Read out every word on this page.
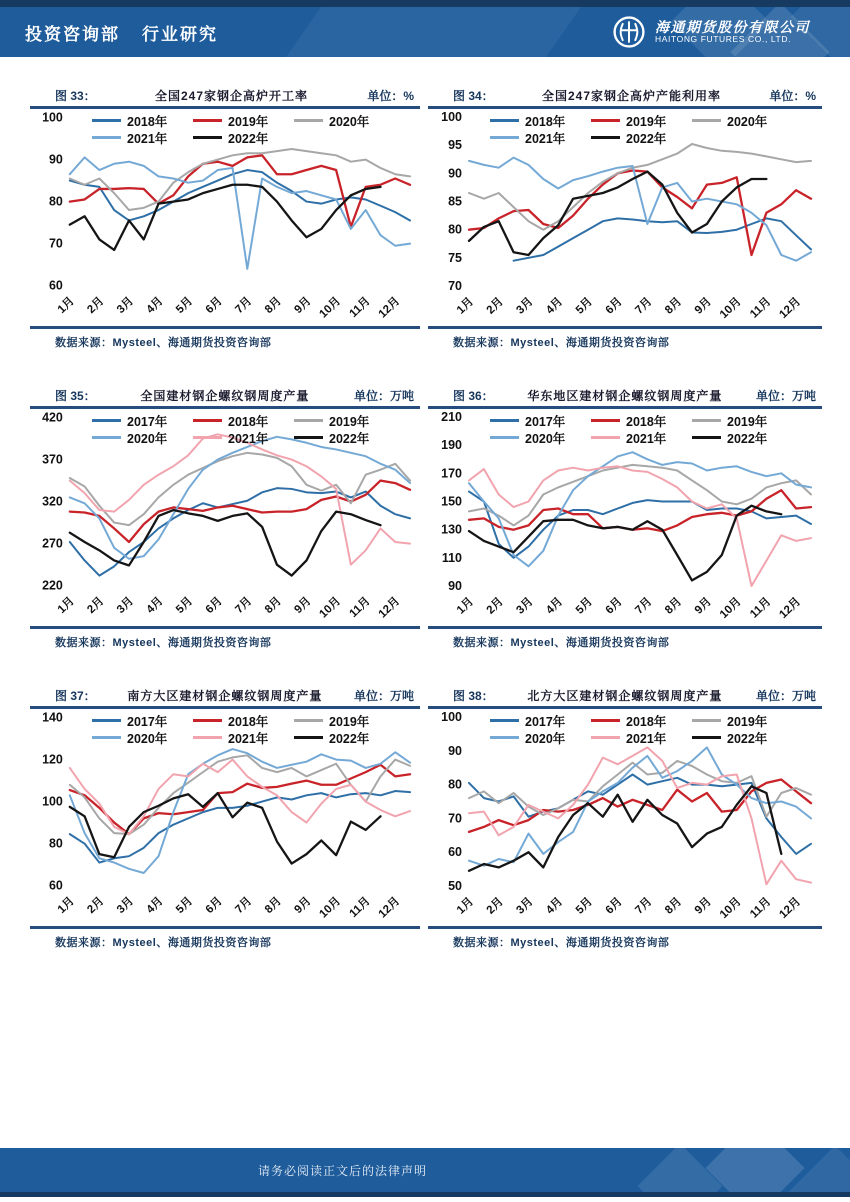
投资咨询部 行业研究	海通期货股份有限公司
HAITONG FUTURES CO., LTD.
图 33：	全国247家钢企高炉开工率	单位：%
2018年	2019年	2020年
2021年	2022年
60
70
80
90
100
1月 2月 3月 4月 5月 6月 7月 8月 9月 10月 11月 12月
数据来源：Mysteel、海通期货投资咨询部
图 34：	全国247家钢企高炉产能利用率	单位：%
2018年	2019年	2020年
2021年	2022年
70
75
80
85
90
95
100
1月 2月 3月 4月 5月 6月 7月 8月 9月 10月 11月 12月
数据来源：Mysteel、海通期货投资咨询部
图 35：	全国建材钢企螺纹钢周度产量	单位：万吨
2017年	2018年	2019年
2020年	2021年	2022年
220
270
320
370
420
1月 2月 3月 4月 5月 6月 7月 8月 9月 10月 11月 12月
数据来源：Mysteel、海通期货投资咨询部
图 36：	华东地区建材钢企螺纹钢周度产量	单位：万吨
2017年	2018年	2019年
2020年	2021年	2022年
90
110
130
150
170
190
210
1月 2月 3月 4月 5月 6月 7月 8月 9月 10月 11月 12月
数据来源：Mysteel、海通期货投资咨询部
图 37：	南方大区建材钢企螺纹钢周度产量	单位：万吨
2017年	2018年	2019年
2020年	2021年	2022年
60
80
100
120
140
1月 2月 3月 4月 5月 6月 7月 8月 9月 10月 11月 12月
数据来源：Mysteel、海通期货投资咨询部
图 38：	北方大区建材钢企螺纹钢周度产量	单位：万吨
2017年	2018年	2019年
2020年	2021年	2022年
50
60
70
80
90
100
1月 2月 3月 4月 5月 6月 7月 8月 9月 10月 11月 12月
数据来源：Mysteel、海通期货投资咨询部
请务必阅读正文后的法律声明
